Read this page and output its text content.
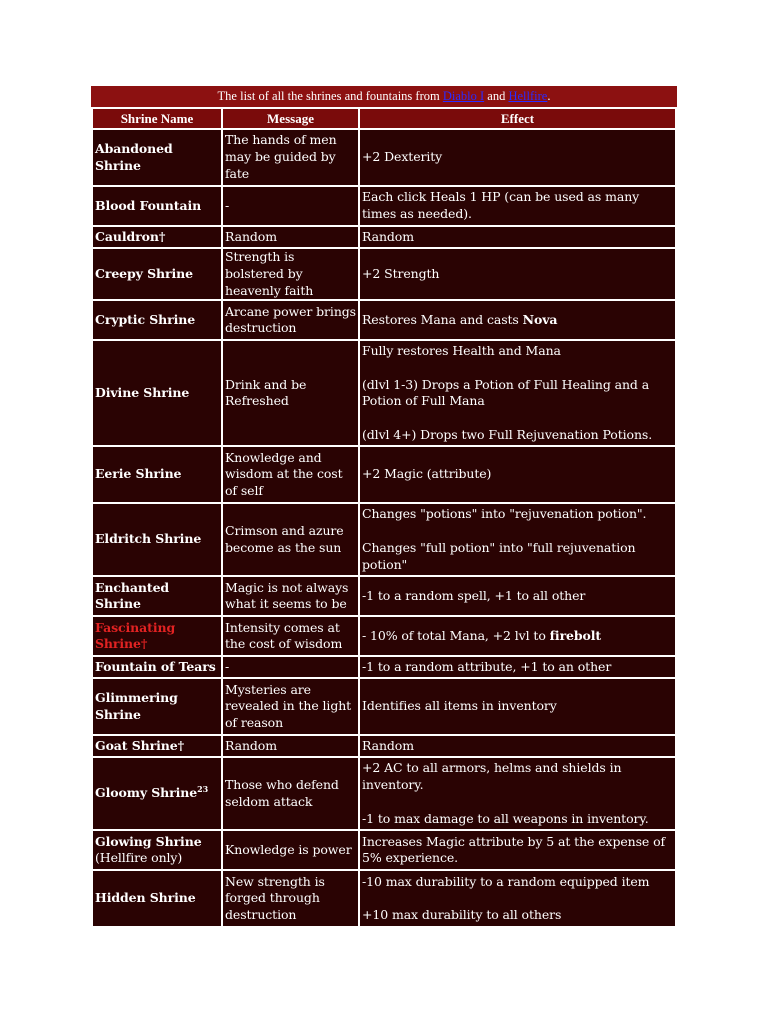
The list of all the shrines and fountains from Diablo I and Hellfire.
Shrine Name	Message	Effect
Abandoned Shrine	The hands of men may be guided by fate	+2 Dexterity
Blood Fountain	-	Each click Heals 1 HP (can be used as many times as needed).
Cauldron†	Random	Random
Creepy Shrine	Strength is bolstered by heavenly faith	+2 Strength
Cryptic Shrine	Arcane power brings destruction	Restores Mana and casts Nova
Divine Shrine	Drink and be Refreshed	Fully restores Health and Mana
(dlvl 1-3) Drops a Potion of Full Healing and a Potion of Full Mana
(dlvl 4+) Drops two Full Rejuvenation Potions.

Eerie Shrine	Knowledge and wisdom at the cost of self	+2 Magic (attribute)
Eldritch Shrine	Crimson and azure become as the sun	Changes "potions" into "rejuvenation potion".
Changes "full potion" into "full rejuvenation potion"

Enchanted Shrine	Magic is not always what it seems to be	-1 to a random spell, +1 to all other
Fascinating Shrine†	Intensity comes at the cost of wisdom	- 10% of total Mana, +2 lvl to firebolt
Fountain of Tears	-	-1 to a random attribute, +1 to an other
Glimmering Shrine	Mysteries are revealed in the light of reason	Identifies all items in inventory
Goat Shrine†	Random	Random
Gloomy Shrine$^{23}$	Those who defend seldom attack	+2 AC to all armors, helms and shields in inventory.
-1 to max damage to all weapons in inventory.

Glowing Shrine
(Hellfire only)	Knowledge is power	Increases Magic attribute by 5 at the expense of 5% experience.
Hidden Shrine	New strength is forged through destruction	-10 max durability to a random equipped item
+10 max durability to all others
